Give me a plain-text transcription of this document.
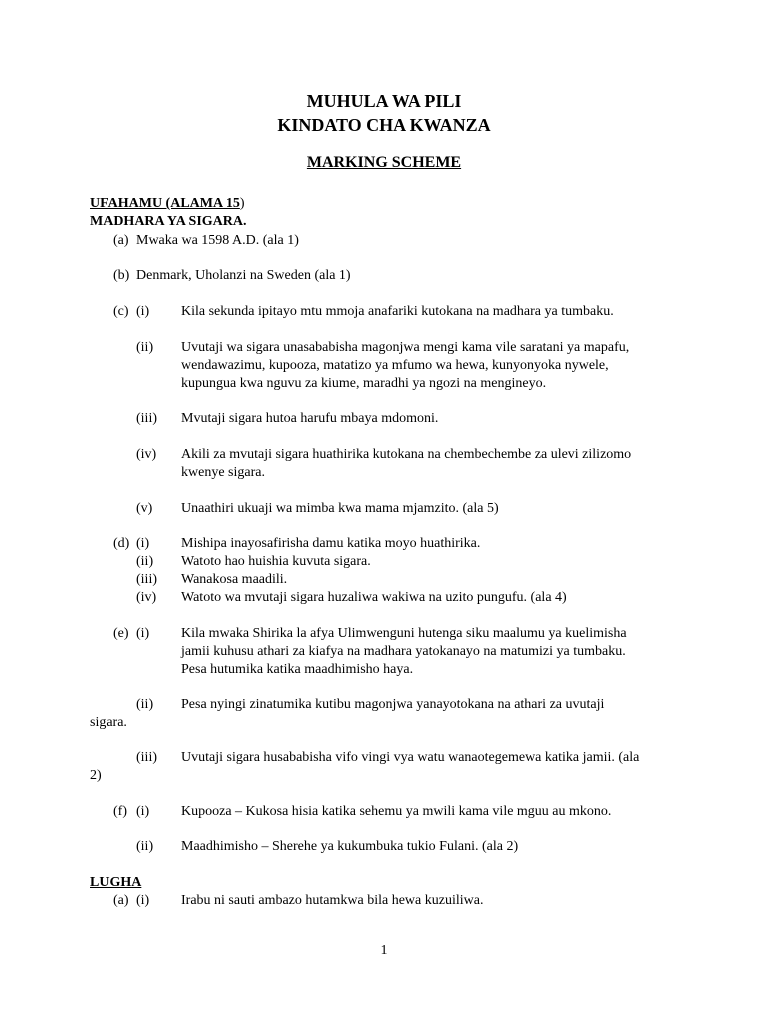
MUHULA WA PILI
KINDATO CHA KWANZA
MARKING SCHEME
UFAHAMU (ALAMA 15)
MADHARA YA SIGARA.
(a) Mwaka wa 1598 A.D. (ala 1)
(b) Denmark, Uholanzi na Sweden (ala 1)
(c) (i) Kila sekunda ipitayo mtu mmoja anafariki kutokana na madhara ya tumbaku.
(ii) Uvutaji wa sigara unasababisha magonjwa mengi kama vile saratani ya mapafu,
wendawazimu, kupooza, matatizo ya mfumo wa hewa, kunyonyoka nywele,
kupungua kwa nguvu za kiume, maradhi ya ngozi na mengineyo.
(iii) Mvutaji sigara hutoa harufu mbaya mdomoni.
(iv) Akili za mvutaji sigara huathirika kutokana na chembechembe za ulevi zilizomo
kwenye sigara.
(v) Unaathiri ukuaji wa mimba kwa mama mjamzito. (ala 5)
(d) (i) Mishipa inayosafirisha damu katika moyo huathirika.
(ii) Watoto hao huishia kuvuta sigara.
(iii) Wanakosa maadili.
(iv) Watoto wa mvutaji sigara huzaliwa wakiwa na uzito pungufu. (ala 4)
(e) (i) Kila mwaka Shirika la afya Ulimwenguni hutenga siku maalumu ya kuelimisha
jamii kuhusu athari za kiafya na madhara yatokanayo na matumizi ya tumbaku.
Pesa hutumika katika maadhimisho haya.
(ii) Pesa nyingi zinatumika kutibu magonjwa yanayotokana na athari za uvutaji
sigara.
(iii) Uvutaji sigara husababisha vifo vingi vya watu wanaotegemewa katika jamii. (ala
2)
(f) (i) Kupooza – Kukosa hisia katika sehemu ya mwili kama vile mguu au mkono.
(ii) Maadhimisho – Sherehe ya kukumbuka tukio Fulani. (ala 2)
LUGHA
(a) (i) Irabu ni sauti ambazo hutamkwa bila hewa kuzuiliwa.
1
